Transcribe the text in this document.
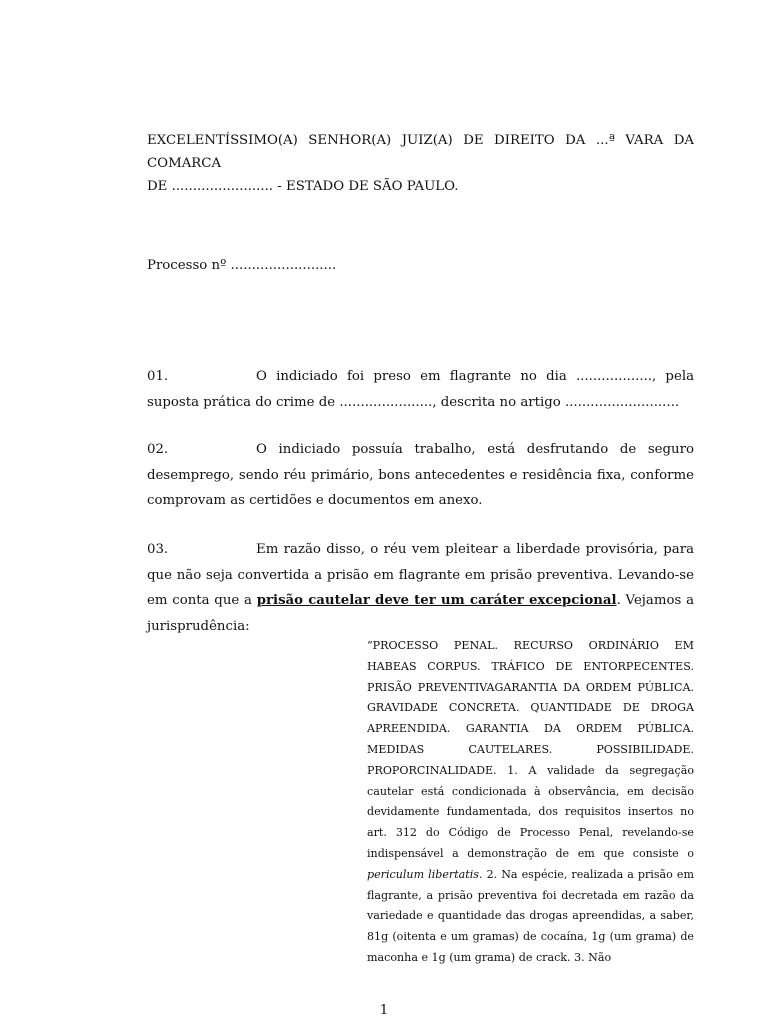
EXCELENTÍSSIMO(A) SENHOR(A) JUIZ(A) DE DIREITO DA ...ª VARA DA COMARCA
DE ........................ - ESTADO DE SÃO PAULO.
Processo nº .........................
01.	O indiciado foi preso em flagrante no dia .................., pela suposta prática do crime de ......................, descrita no artigo ...........................
02.	O indiciado possuía trabalho, está desfrutando de seguro desemprego, sendo réu primário, bons antecedentes e residência fixa, conforme comprovam as certidões e documentos em anexo.
03.	Em razão disso, o réu vem pleitear a liberdade provisória, para que não seja convertida a prisão em flagrante em prisão preventiva. Levando-se em conta que a prisão cautelar deve ter um caráter excepcional. Vejamos a jurisprudência:
“PROCESSO PENAL. RECURSO ORDINÁRIO EM HABEAS CORPUS. TRÁFICO DE ENTORPECENTES. PRISÃO PREVENTIVAGARANTIA DA ORDEM PÚBLICA. GRAVIDADE CONCRETA. QUANTIDADE DE DROGA APREENDIDA. GARANTIA DA ORDEM PÚBLICA. MEDIDAS CAUTELARES. POSSIBILIDADE. PROPORCINALIDADE. 1. A validade da segregação cautelar está condicionada à observância, em decisão devidamente fundamentada, dos requisitos insertos no art. 312 do Código de Processo Penal, revelando-se indispensável a demonstração de em que consiste o periculum libertatis. 2. Na espécie, realizada a prisão em flagrante, a prisão preventiva foi decretada em razão da variedade e quantidade das drogas apreendidas, a saber, 81g (oitenta e um gramas) de cocaína, 1g (um grama) de maconha e 1g (um grama) de crack. 3. Não
1
